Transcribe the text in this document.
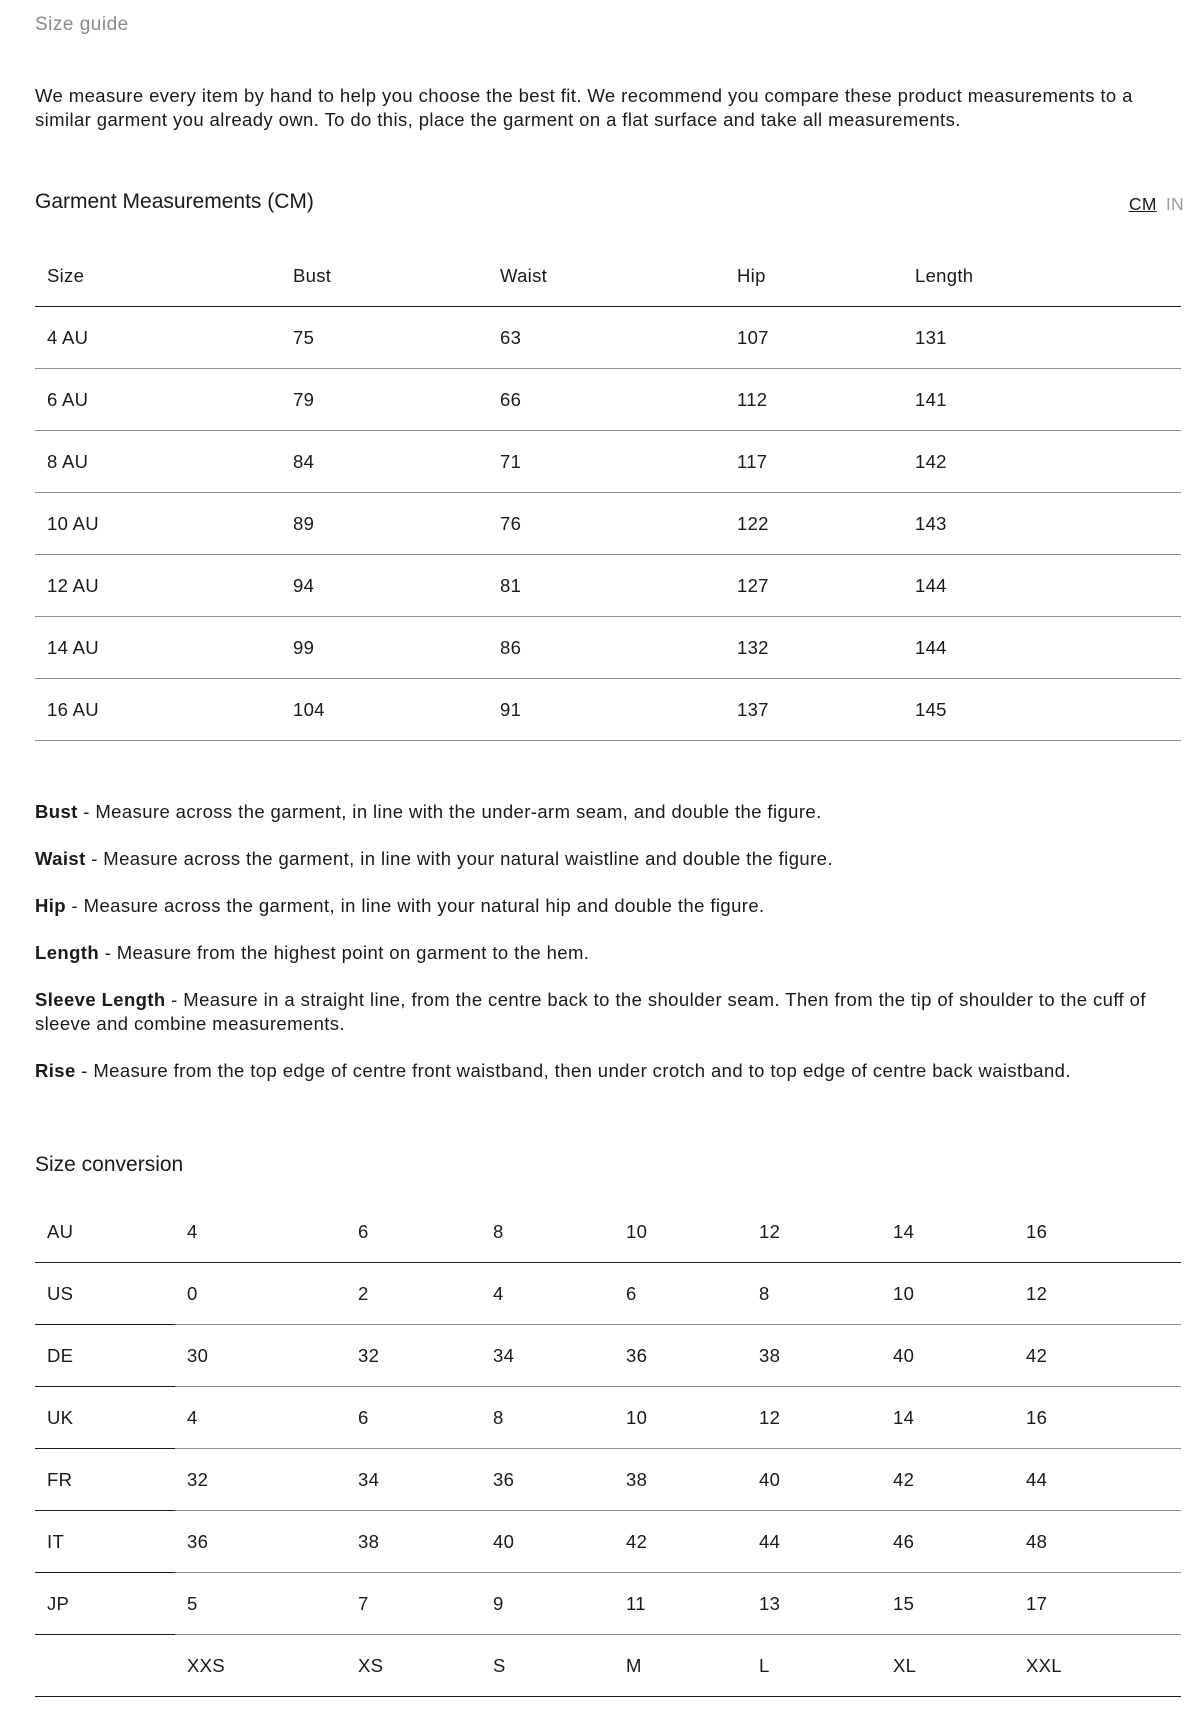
Size guide

We measure every item by hand to help you choose the best fit. We recommend you compare these product measurements to a similar garment you already own. To do this, place the garment on a flat surface and take all measurements.

Garment Measurements (CM)	CM IN
Size	Bust	Waist	Hip	Length
4 AU	75	63	107	131
6 AU	79	66	112	141
8 AU	84	71	117	142
10 AU	89	76	122	143
12 AU	94	81	127	144
14 AU	99	86	132	144
16 AU	104	91	137	145

Bust - Measure across the garment, in line with the under-arm seam, and double the figure.

Waist - Measure across the garment, in line with your natural waistline and double the figure.

Hip - Measure across the garment, in line with your natural hip and double the figure.

Length - Measure from the highest point on garment to the hem.

Sleeve Length - Measure in a straight line, from the centre back to the shoulder seam. Then from the tip of shoulder to the cuff of sleeve and combine measurements.

Rise - Measure from the top edge of centre front waistband, then under crotch and to top edge of centre back waistband.

Size conversion
AU	4	6	8	10	12	14	16
US	0	2	4	6	8	10	12
DE	30	32	34	36	38	40	42
UK	4	6	8	10	12	14	16
FR	32	34	36	38	40	42	44
IT	36	38	40	42	44	46	48
JP	5	7	9	11	13	15	17
	XXS	XS	S	M	L	XL	XXL
